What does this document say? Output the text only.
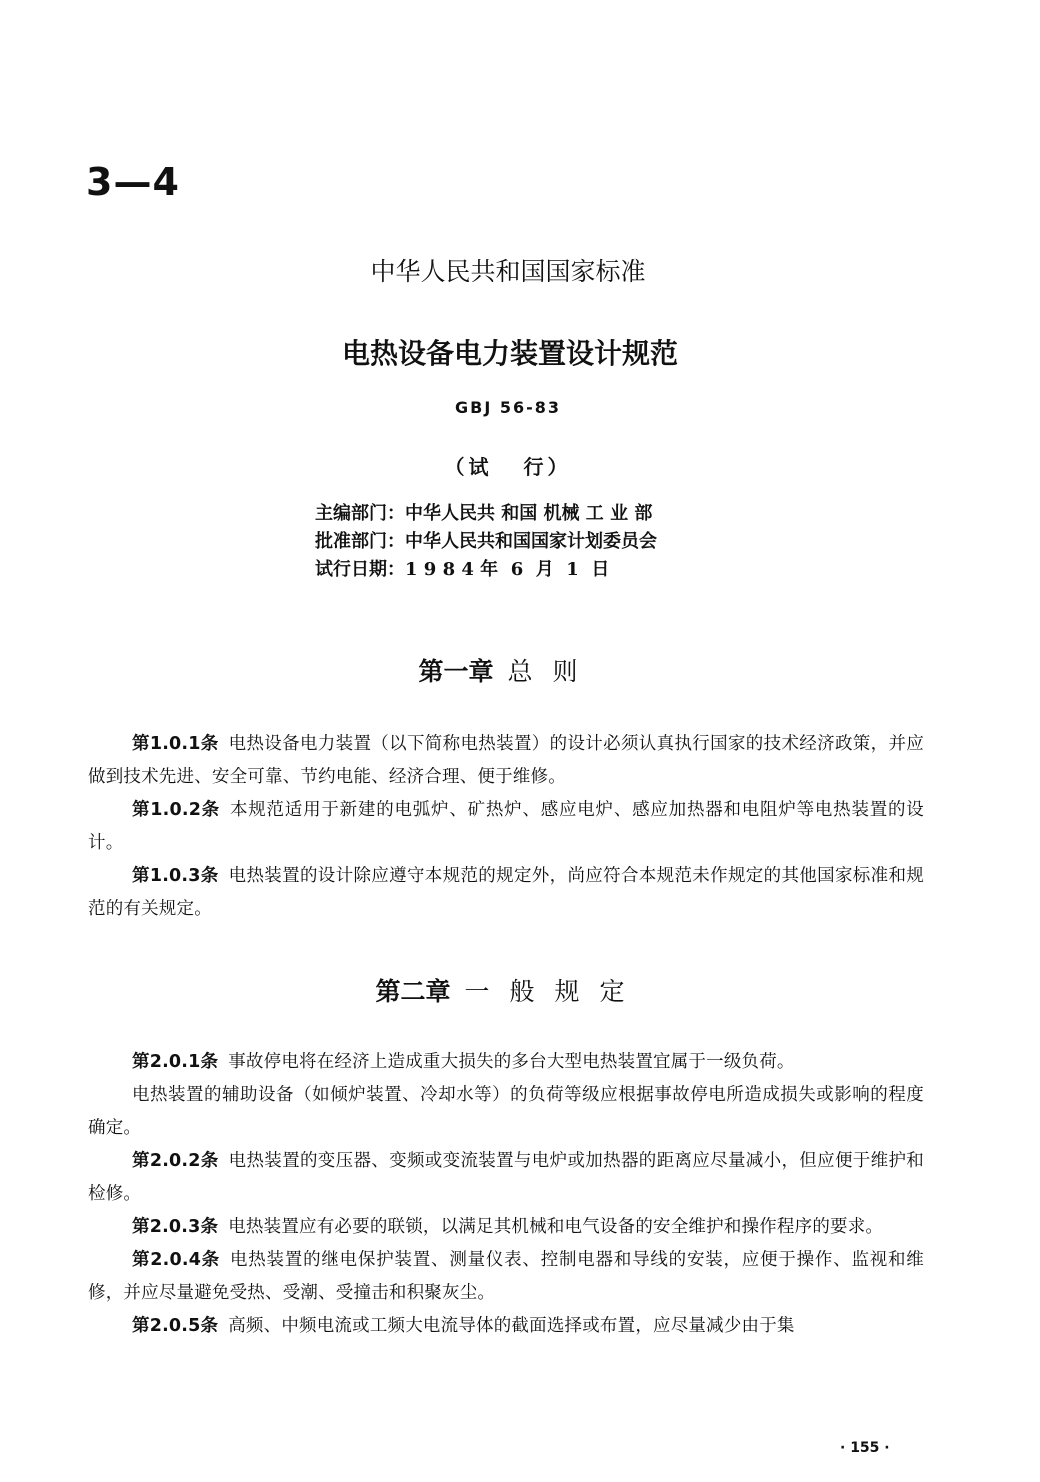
3—4
中华人民共和国国家标准
电热设备电力装置设计规范
GBJ 56-83
（试 行）
主编部门：中华人民共 和国 机械 工 业 部
批准部门：中华人民共和国国家计划委员会
试行日期：1 9 8 4 年  6  月  1  日
第一章 总则

第1.0.1条 电热设备电力装置（以下简称电热装置）的设计必须认真执行国家的技术经济政策，并应做到技术先进、安全可靠、节约电能、经济合理、便于维修。

第1.0.2条 本规范适用于新建的电弧炉、矿热炉、感应电炉、感应加热器和电阻炉等电热装置的设计。

第1.0.3条 电热装置的设计除应遵守本规范的规定外，尚应符合本规范未作规定的其他国家标准和规范的有关规定。

第二章 一般规定

第2.0.1条 事故停电将在经济上造成重大损失的多台大型电热装置宜属于一级负荷。

电热装置的辅助设备（如倾炉装置、冷却水等）的负荷等级应根据事故停电所造成损失或影响的程度确定。

第2.0.2条 电热装置的变压器、变频或变流装置与电炉或加热器的距离应尽量减小，但应便于维护和检修。

第2.0.3条 电热装置应有必要的联锁，以满足其机械和电气设备的安全维护和操作程序的要求。

第2.0.4条 电热装置的继电保护装置、测量仪表、控制电器和导线的安装，应便于操作、监视和维修，并应尽量避免受热、受潮、受撞击和积聚灰尘。

第2.0.5条 高频、中频电流或工频大电流导体的截面选择或布置，应尽量减少由于集

· 155 ·
